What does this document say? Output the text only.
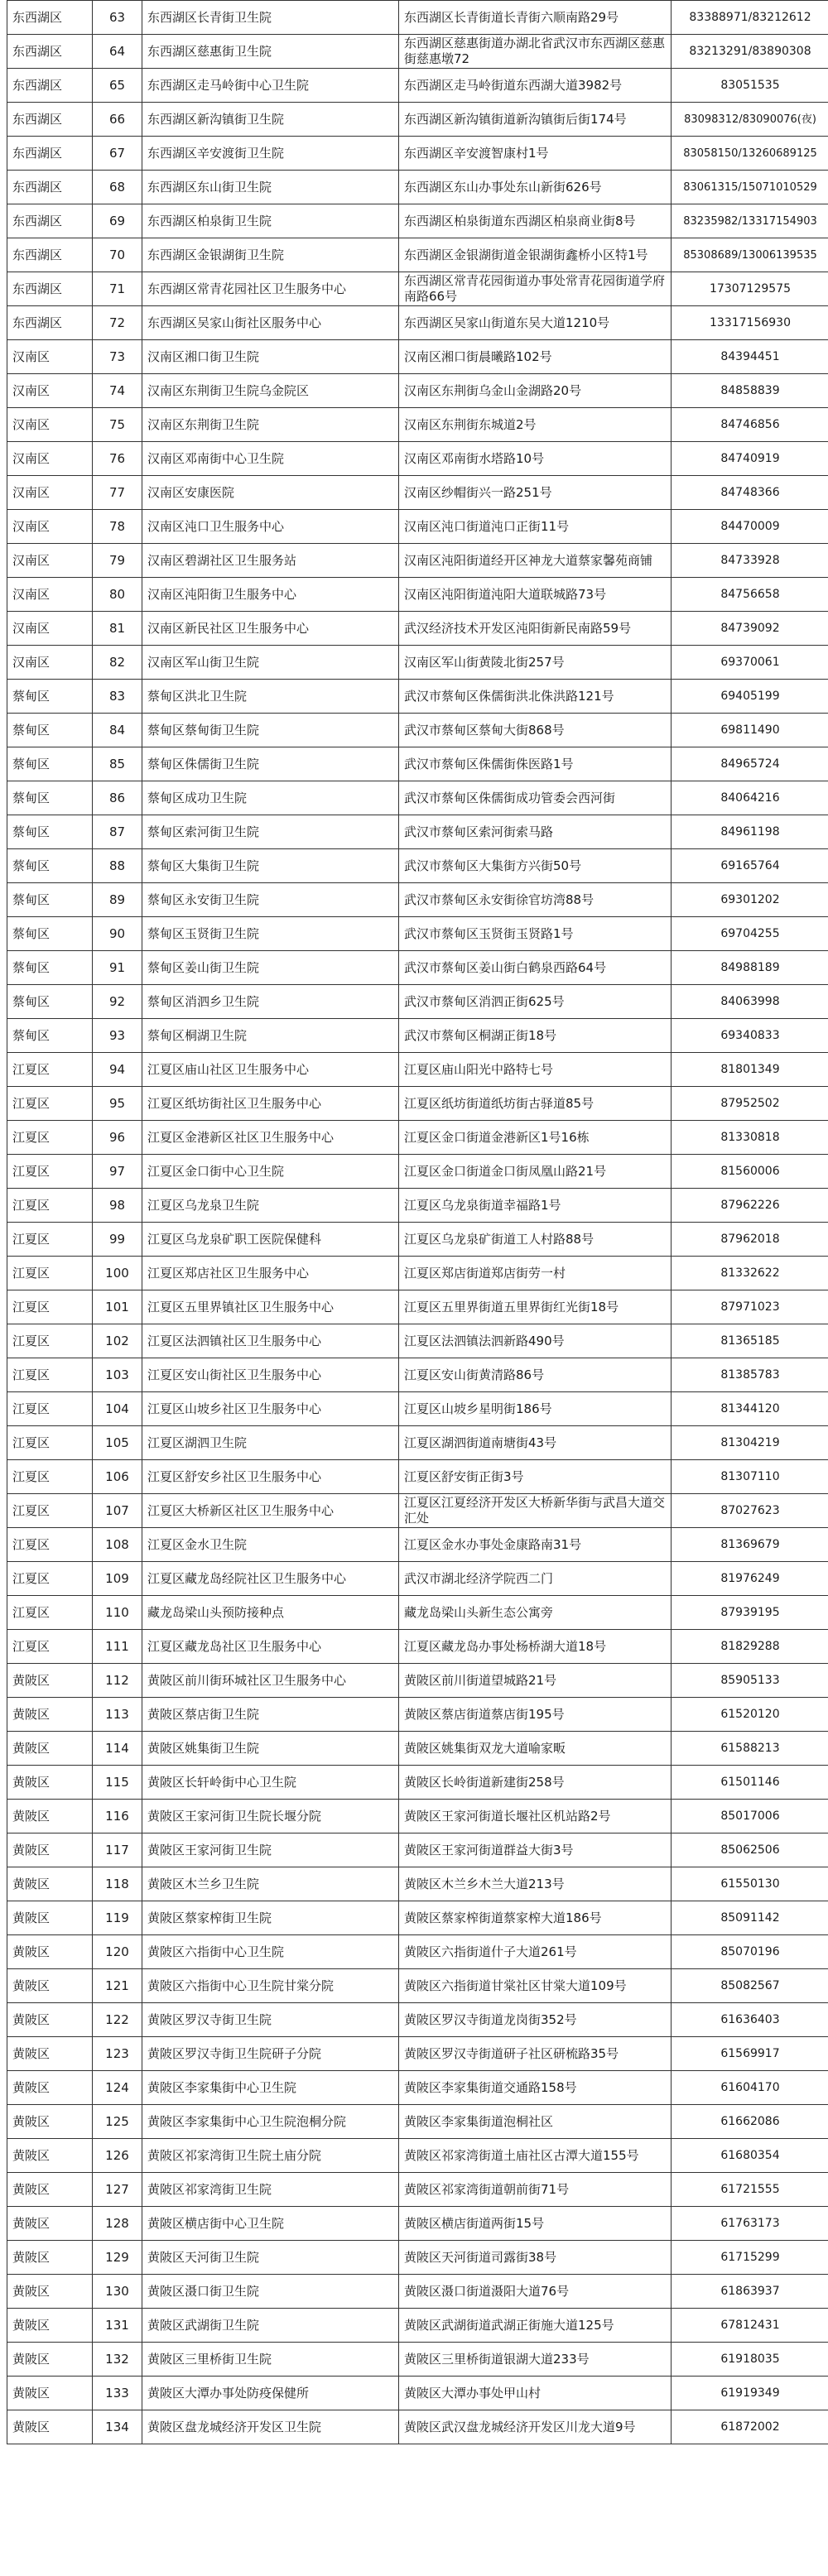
东西湖区	63	东西湖区长青街卫生院	东西湖区长青街道长青街六顺南路29号	83388971/83212612
东西湖区	64	东西湖区慈惠街卫生院	东西湖区慈惠街道办湖北省武汉市东西湖区慈惠街慈惠墩72	83213291/83890308
东西湖区	65	东西湖区走马岭街中心卫生院	东西湖区走马岭街道东西湖大道3982号	83051535
东西湖区	66	东西湖区新沟镇街卫生院	东西湖区新沟镇街道新沟镇街后街174号	83098312/83090076(夜)
东西湖区	67	东西湖区辛安渡街卫生院	东西湖区辛安渡智康村1号	83058150/13260689125
东西湖区	68	东西湖区东山街卫生院	东西湖区东山办事处东山新街626号	83061315/15071010529
东西湖区	69	东西湖区柏泉街卫生院	东西湖区柏泉街道东西湖区柏泉商业街8号	83235982/13317154903
东西湖区	70	东西湖区金银湖街卫生院	东西湖区金银湖街道金银湖街鑫桥小区特1号	85308689/13006139535
东西湖区	71	东西湖区常青花园社区卫生服务中心	东西湖区常青花园街道办事处常青花园街道学府南路66号	17307129575
东西湖区	72	东西湖区吴家山街社区服务中心	东西湖区吴家山街道东吴大道1210号	13317156930
汉南区	73	汉南区湘口街卫生院	汉南区湘口街晨曦路102号	84394451
汉南区	74	汉南区东荆街卫生院乌金院区	汉南区东荆街乌金山金湖路20号	84858839
汉南区	75	汉南区东荆街卫生院	汉南区东荆街东城道2号	84746856
汉南区	76	汉南区邓南街中心卫生院	汉南区邓南街水塔路10号	84740919
汉南区	77	汉南区安康医院	汉南区纱帽街兴一路251号	84748366
汉南区	78	汉南区沌口卫生服务中心	汉南区沌口街道沌口正街11号	84470009
汉南区	79	汉南区碧湖社区卫生服务站	汉南区沌阳街道经开区神龙大道蔡家馨苑商铺	84733928
汉南区	80	汉南区沌阳街卫生服务中心	汉南区沌阳街道沌阳大道联城路73号	84756658
汉南区	81	汉南区新民社区卫生服务中心	武汉经济技术开发区沌阳街新民南路59号	84739092
汉南区	82	汉南区军山街卫生院	汉南区军山街黄陵北街257号	69370061
蔡甸区	83	蔡甸区洪北卫生院	武汉市蔡甸区侏儒街洪北侏洪路121号	69405199
蔡甸区	84	蔡甸区蔡甸街卫生院	武汉市蔡甸区蔡甸大街868号	69811490
蔡甸区	85	蔡甸区侏儒街卫生院	武汉市蔡甸区侏儒街侏医路1号	84965724
蔡甸区	86	蔡甸区成功卫生院	武汉市蔡甸区侏儒街成功管委会西河街	84064216
蔡甸区	87	蔡甸区索河街卫生院	武汉市蔡甸区索河街索马路	84961198
蔡甸区	88	蔡甸区大集街卫生院	武汉市蔡甸区大集街方兴街50号	69165764
蔡甸区	89	蔡甸区永安街卫生院	武汉市蔡甸区永安街徐官坊湾88号	69301202
蔡甸区	90	蔡甸区玉贤街卫生院	武汉市蔡甸区玉贤街玉贤路1号	69704255
蔡甸区	91	蔡甸区姜山街卫生院	武汉市蔡甸区姜山街白鹤泉西路64号	84988189
蔡甸区	92	蔡甸区消泗乡卫生院	武汉市蔡甸区消泗正街625号	84063998
蔡甸区	93	蔡甸区桐湖卫生院	武汉市蔡甸区桐湖正街18号	69340833
江夏区	94	江夏区庙山社区卫生服务中心	江夏区庙山阳光中路特七号	81801349
江夏区	95	江夏区纸坊街社区卫生服务中心	江夏区纸坊街道纸坊街古驿道85号	87952502
江夏区	96	江夏区金港新区社区卫生服务中心	江夏区金口街道金港新区1号16栋	81330818
江夏区	97	江夏区金口街中心卫生院	江夏区金口街道金口街凤凰山路21号	81560006
江夏区	98	江夏区乌龙泉卫生院	江夏区乌龙泉街道幸福路1号	87962226
江夏区	99	江夏区乌龙泉矿职工医院保健科	江夏区乌龙泉矿街道工人村路88号	87962018
江夏区	100	江夏区郑店社区卫生服务中心	江夏区郑店街道郑店街劳一村	81332622
江夏区	101	江夏区五里界镇社区卫生服务中心	江夏区五里界街道五里界街红光街18号	87971023
江夏区	102	江夏区法泗镇社区卫生服务中心	江夏区法泗镇法泗新路490号	81365185
江夏区	103	江夏区安山街社区卫生服务中心	江夏区安山街黄清路86号	81385783
江夏区	104	江夏区山坡乡社区卫生服务中心	江夏区山坡乡星明街186号	81344120
江夏区	105	江夏区湖泗卫生院	江夏区湖泗街道南塘街43号	81304219
江夏区	106	江夏区舒安乡社区卫生服务中心	江夏区舒安街正街3号	81307110
江夏区	107	江夏区大桥新区社区卫生服务中心	江夏区江夏经济开发区大桥新华街与武昌大道交汇处	87027623
江夏区	108	江夏区金水卫生院	江夏区金水办事处金康路南31号	81369679
江夏区	109	江夏区藏龙岛经院社区卫生服务中心	武汉市湖北经济学院西二门	81976249
江夏区	110	藏龙岛梁山头预防接种点	藏龙岛梁山头新生态公寓旁	87939195
江夏区	111	江夏区藏龙岛社区卫生服务中心	江夏区藏龙岛办事处杨桥湖大道18号	81829288
黄陂区	112	黄陂区前川街环城社区卫生服务中心	黄陂区前川街道望城路21号	85905133
黄陂区	113	黄陂区蔡店街卫生院	黄陂区蔡店街道蔡店街195号	61520120
黄陂区	114	黄陂区姚集街卫生院	黄陂区姚集街双龙大道喻家畈	61588213
黄陂区	115	黄陂区长轩岭街中心卫生院	黄陂区长岭街道新建街258号	61501146
黄陂区	116	黄陂区王家河街卫生院长堰分院	黄陂区王家河街道长堰社区机站路2号	85017006
黄陂区	117	黄陂区王家河街卫生院	黄陂区王家河街道群益大街3号	85062506
黄陂区	118	黄陂区木兰乡卫生院	黄陂区木兰乡木兰大道213号	61550130
黄陂区	119	黄陂区蔡家榨街卫生院	黄陂区蔡家榨街道蔡家榨大道186号	85091142
黄陂区	120	黄陂区六指街中心卫生院	黄陂区六指街道什子大道261号	85070196
黄陂区	121	黄陂区六指街中心卫生院甘棠分院	黄陂区六指街道甘棠社区甘棠大道109号	85082567
黄陂区	122	黄陂区罗汉寺街卫生院	黄陂区罗汉寺街道龙岗街352号	61636403
黄陂区	123	黄陂区罗汉寺街卫生院研子分院	黄陂区罗汉寺街道研子社区研梳路35号	61569917
黄陂区	124	黄陂区李家集街中心卫生院	黄陂区李家集街道交通路158号	61604170
黄陂区	125	黄陂区李家集街中心卫生院泡桐分院	黄陂区李家集街道泡桐社区	61662086
黄陂区	126	黄陂区祁家湾街卫生院土庙分院	黄陂区祁家湾街道土庙社区古潭大道155号	61680354
黄陂区	127	黄陂区祁家湾街卫生院	黄陂区祁家湾街道朝前街71号	61721555
黄陂区	128	黄陂区横店街中心卫生院	黄陂区横店街道两街15号	61763173
黄陂区	129	黄陂区天河街卫生院	黄陂区天河街道司露街38号	61715299
黄陂区	130	黄陂区滠口街卫生院	黄陂区滠口街道滠阳大道76号	61863937
黄陂区	131	黄陂区武湖街卫生院	黄陂区武湖街道武湖正街施大道125号	67812431
黄陂区	132	黄陂区三里桥街卫生院	黄陂区三里桥街道银湖大道233号	61918035
黄陂区	133	黄陂区大潭办事处防疫保健所	黄陂区大潭办事处甲山村	61919349
黄陂区	134	黄陂区盘龙城经济开发区卫生院	黄陂区武汉盘龙城经济开发区川龙大道9号	61872002
